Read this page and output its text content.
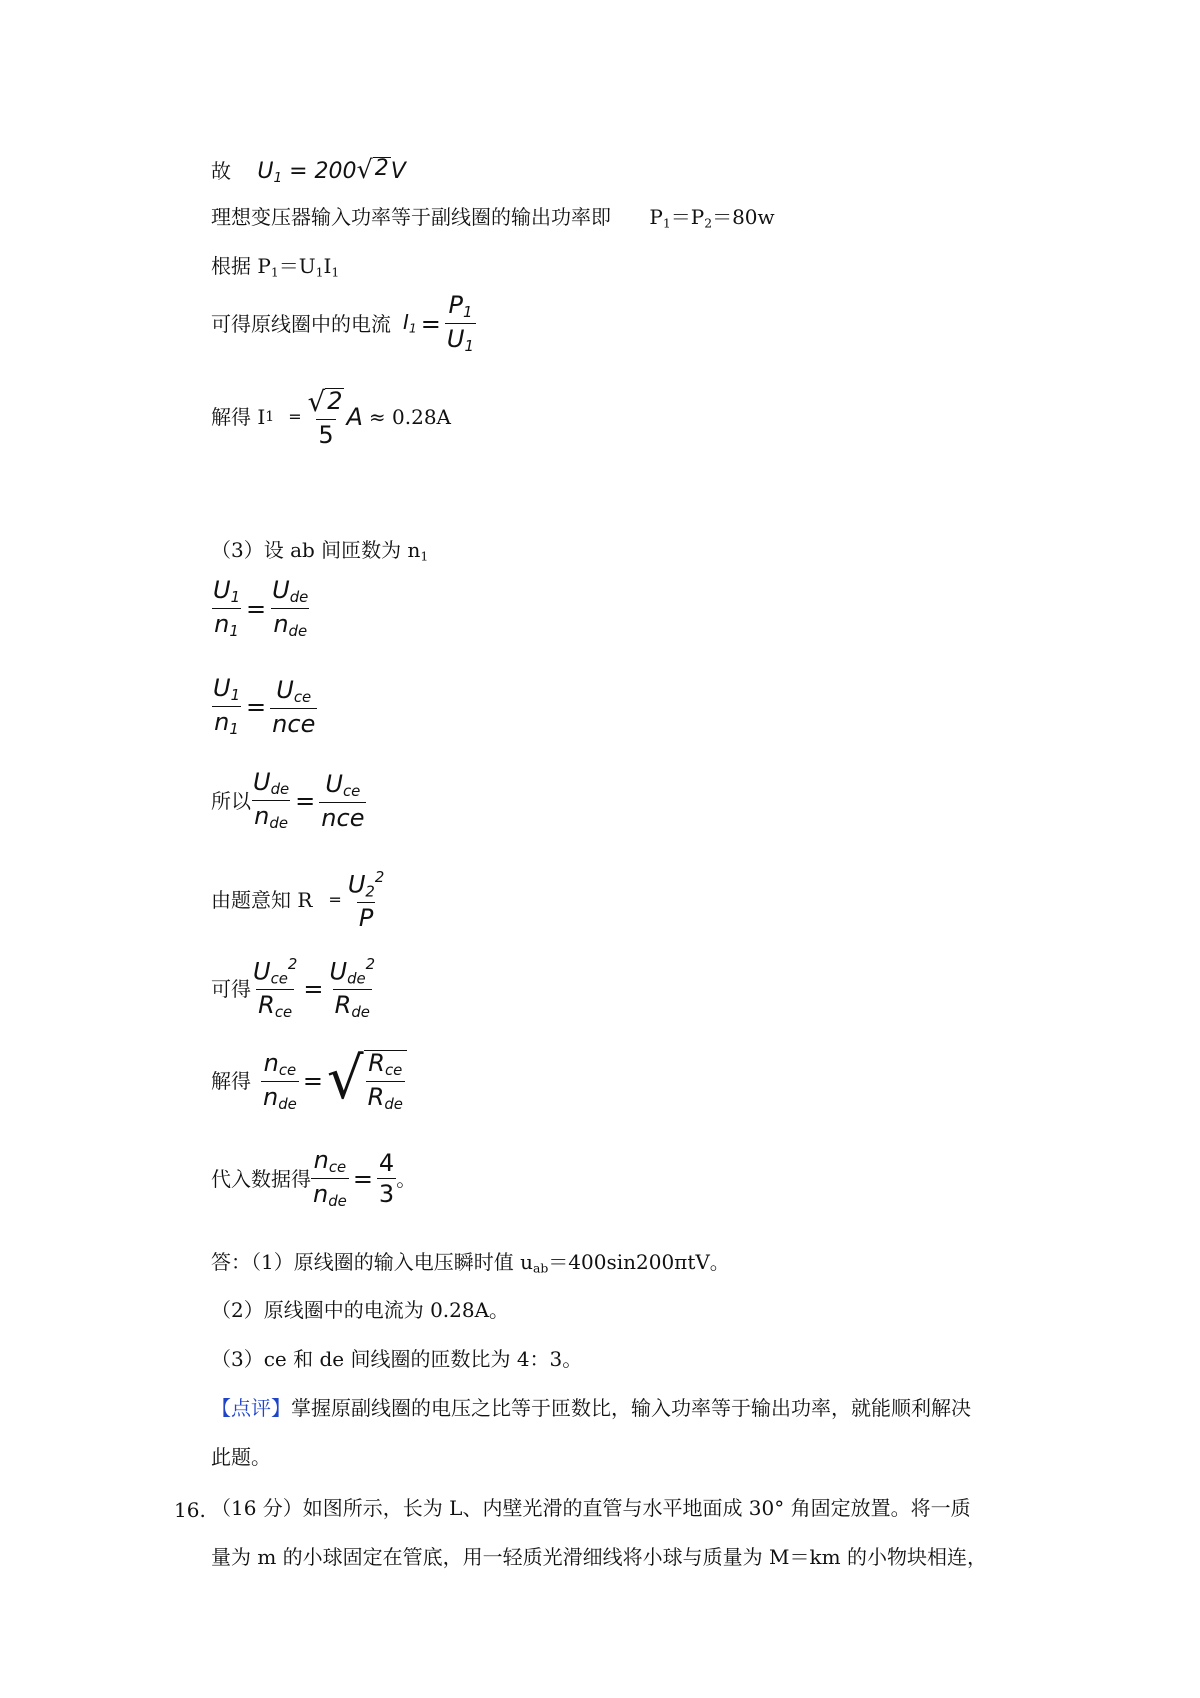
故 $U_1 = 200$ √ 2 V
理想变压器输入功率等于副线圈的输出功率即 $P_1=P_2=80w$
根据 $P_1=U_1I_1$
可得原线圈中的电流 $I_1 = \frac{P_1}{U_1}$
解得 I $1 = \frac{√ 2}{5}$ A ≈ 0.28A
（3）设 ab 间匝数为 $n_1$
$\frac{U_1}{n_1} = \frac{U_{de}}{n_{de}}$
$\frac{U_1}{n_1} = \frac{U_{ce}}{\text{nce}}$
所以 $\frac{U_{de}}{n_{de}} = \frac{U_{ce}}{\text{nce}}$
由题意知 $R = \frac{U_2^2}{P}$
可得 $\frac{U_{ce}^2}{R_{ce}} = \frac{U_{de}^2}{R_{de}}$
解得 $\frac{n_{ce}}{n_{de}}$ = √ $\frac{R_{ce}}{R_{de}}$
代入数据得 $\frac{n_{ce}}{n_{de}} = \frac{4}{3}$ 。
答：（1）原线圈的输入电压瞬时值 $u_{ab}=400\sin 200\pi tV$。
（2）原线圈中的电流为 0.28A。
（3）ce 和 de 间线圈的匝数比为 4：3。
【点评】掌握原副线圈的电压之比等于匝数比，输入功率等于输出功率，就能顺利解决
此题。
16. （16 分）如图所示，长为 L、内壁光滑的直管与水平地面成 30° 角固定放置。将一质
量为 m 的小球固定在管底，用一轻质光滑细线将小球与质量为 M＝km 的小物块相连，
